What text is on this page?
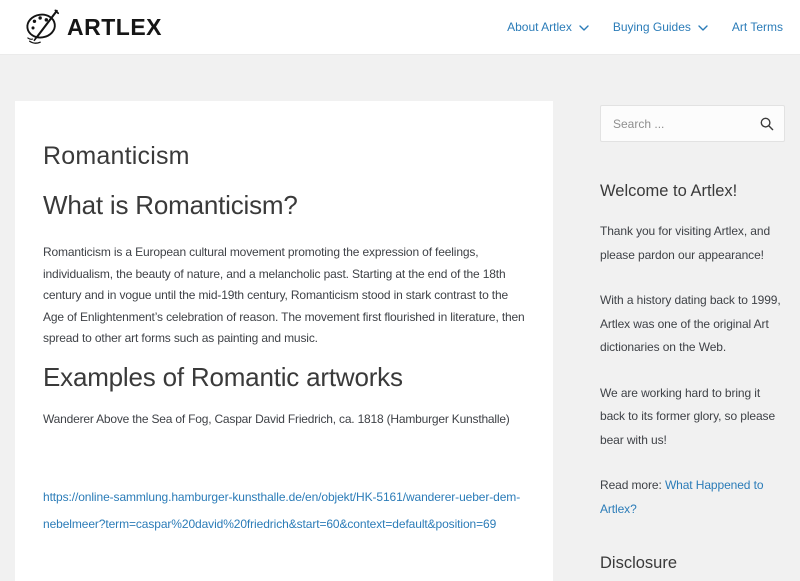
ARTLEX	About Artlex	Buying Guides	Art Terms
Romanticism
What is Romanticism?

Romanticism is a European cultural movement promoting the expression of feelings, individualism, the beauty of nature, and a melancholic past. Starting at the end of the 18th century and in vogue until the mid-19th century, Romanticism stood in stark contrast to the Age of Enlightenment’s celebration of reason. The movement first flourished in literature, then spread to other art forms such as painting and music.

Examples of Romantic artworks

Wanderer Above the Sea of Fog, Caspar David Friedrich, ca. 1818 (Hamburger Kunsthalle)

https://online-sammlung.hamburger-kunsthalle.de/en/objekt/HK-5161/wanderer-ueber-dem-nebelmeer?term=caspar%20david%20friedrich&start=60&context=default&position=69
Search ...
Welcome to Artlex!

Thank you for visiting Artlex, and please pardon our appearance!

With a history dating back to 1999, Artlex was one of the original Art dictionaries on the Web.

We are working hard to bring it back to its former glory, so please bear with us!

Read more: What Happened to Artlex?

Disclosure
